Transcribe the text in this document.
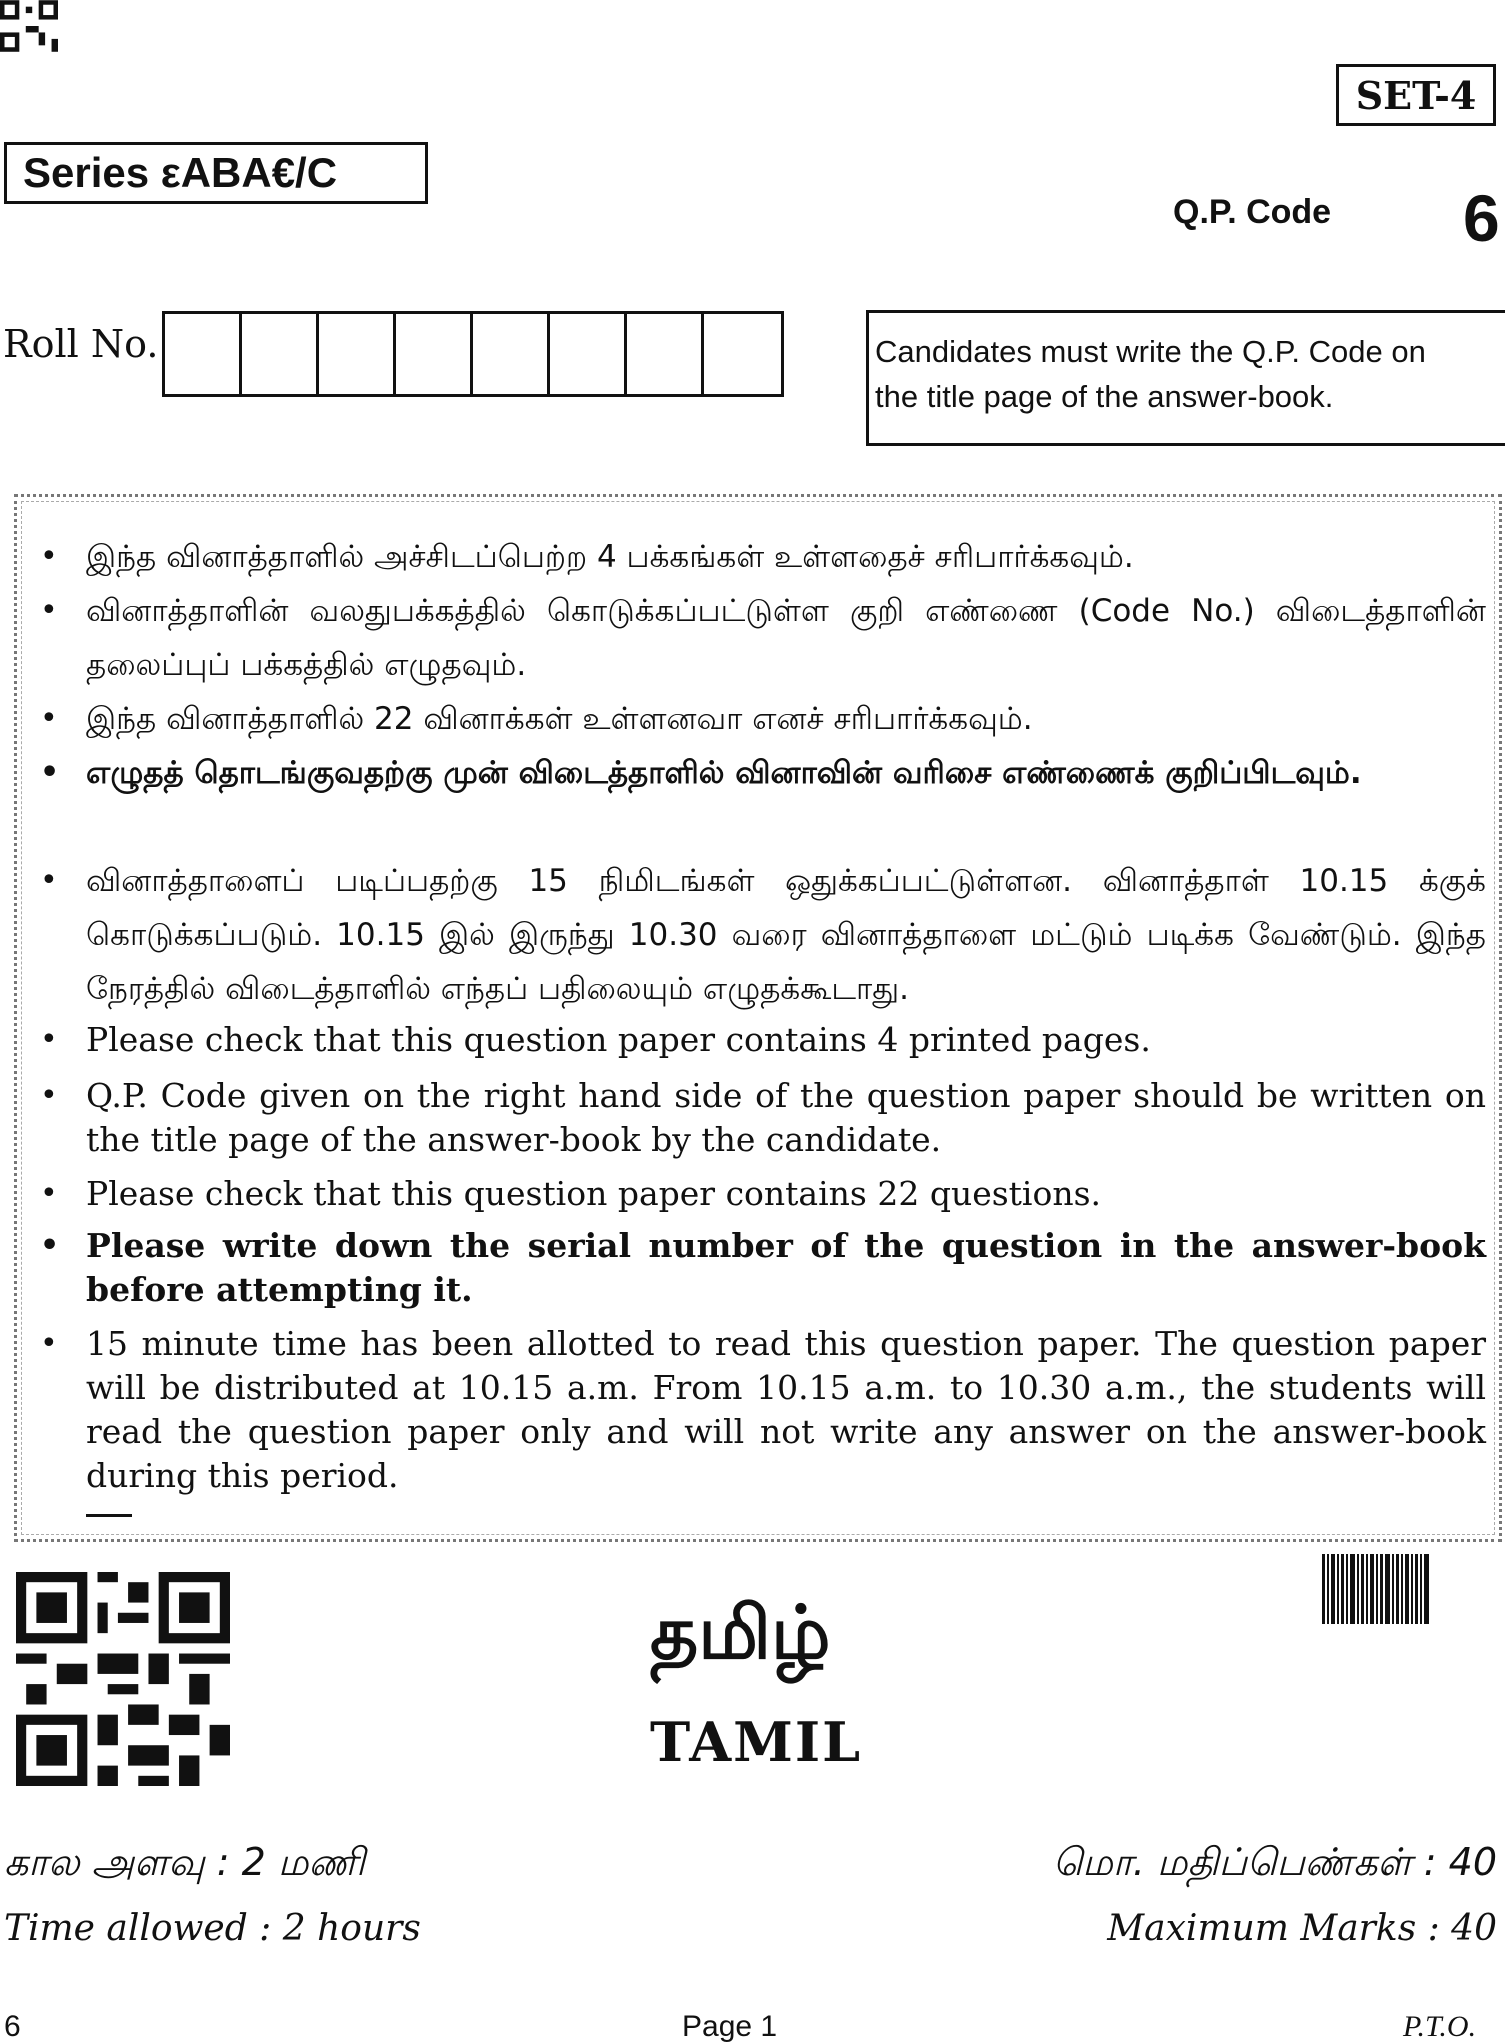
SET-4
Series εABA€/C
Q.P. Code 6
Roll No.	Candidates must write the Q.P. Code on
the title page of the answer-book.
• இந்த வினாத்தாளில் அச்சிடப்பெற்ற 4 பக்கங்கள் உள்ளதைச் சரிபார்க்கவும்.
• வினாத்தாளின் வலதுபக்கத்தில் கொடுக்கப்பட்டுள்ள குறி எண்ணை (Code No.) விடைத்தாளின் தலைப்புப் பக்கத்தில் எழுதவும்.
• இந்த வினாத்தாளில் 22 வினாக்கள் உள்ளனவா எனச் சரிபார்க்கவும்.
• எழுதத் தொடங்குவதற்கு முன் விடைத்தாளில் வினாவின் வரிசை எண்ணைக் குறிப்பிடவும்.
• வினாத்தாளைப் படிப்பதற்கு 15 நிமிடங்கள் ஒதுக்கப்பட்டுள்ளன. வினாத்தாள் 10.15 க்குக் கொடுக்கப்படும். 10.15 இல் இருந்து 10.30 வரை வினாத்தாளை மட்டும் படிக்க வேண்டும். இந்த நேரத்தில் விடைத்தாளில் எந்தப் பதிலையும் எழுதக்கூடாது.
• Please check that this question paper contains 4 printed pages.
• Q.P. Code given on the right hand side of the question paper should be written on the title page of the answer-book by the candidate.
• Please check that this question paper contains 22 questions.
• Please write down the serial number of the question in the answer-book before attempting it.
• 15 minute time has been allotted to read this question paper. The question paper will be distributed at 10.15 a.m. From 10.15 a.m. to 10.30 a.m., the students will read the question paper only and will not write any answer on the answer-book during this period.
தமிழ்
TAMIL
கால அளவு : 2 மணி
Time allowed : 2 hours
மொ. மதிப்பெண்கள் : 40
Maximum Marks : 40
6	Page 1	P.T.O.
